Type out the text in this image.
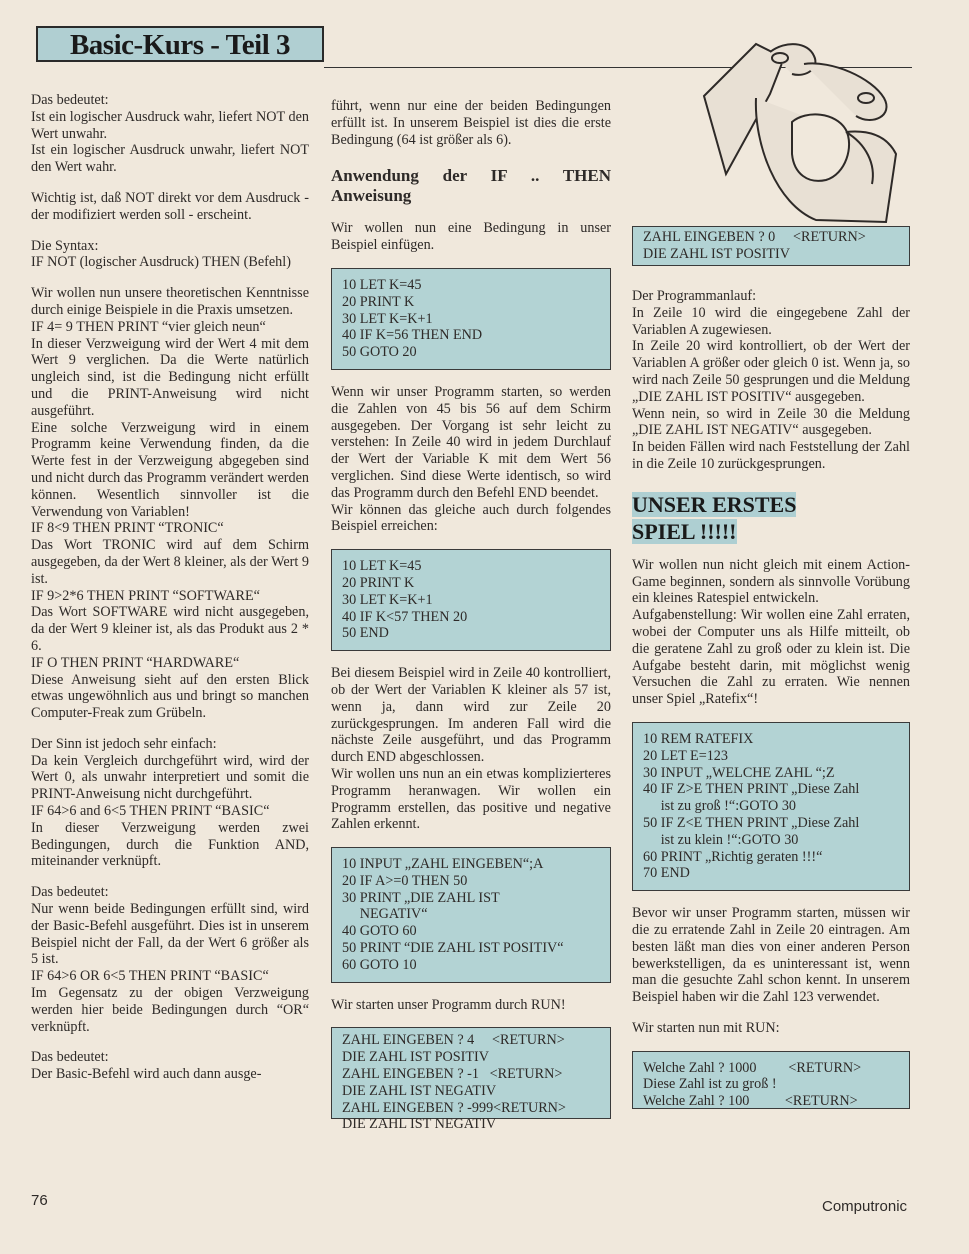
Basic-Kurs - Teil 3

Das bedeutet:
Ist ein logischer Ausdruck wahr, liefert NOT den Wert unwahr.
Ist ein logischer Ausdruck unwahr, liefert NOT den Wert wahr.

Wichtig ist, daß NOT direkt vor dem Ausdruck - der modifiziert werden soll - erscheint.

Die Syntax:
IF NOT (logischer Ausdruck) THEN (Befehl)

Wir wollen nun unsere theoretischen Kenntnisse durch einige Beispiele in die Praxis umsetzen.
IF 4= 9 THEN PRINT “vier gleich neun“
In dieser Verzweigung wird der Wert 4 mit dem Wert 9 verglichen. Da die Werte natürlich ungleich sind, ist die Bedingung nicht erfüllt und die PRINT-Anweisung wird nicht ausgeführt.
Eine solche Verzweigung wird in einem Programm keine Verwendung finden, da die Werte fest in der Verzweigung abgegeben sind und nicht durch das Programm verändert werden können. Wesentlich sinnvoller ist die Verwendung von Variablen!
IF 8<9 THEN PRINT “TRONIC“
Das Wort TRONIC wird auf dem Schirm ausgegeben, da der Wert 8 kleiner, als der Wert 9 ist.
IF 9>2*6 THEN PRINT “SOFTWARE“
Das Wort SOFTWARE wird nicht ausgegeben, da der Wert 9 kleiner ist, als das Produkt aus 2 * 6.
IF O THEN PRINT “HARDWARE“
Diese Anweisung sieht auf den ersten Blick etwas ungewöhnlich aus und bringt so manchen Computer-Freak zum Grübeln.

Der Sinn ist jedoch sehr einfach:
Da kein Vergleich durchgeführt wird, wird der Wert 0, als unwahr interpretiert und somit die PRINT-Anweisung nicht durchgeführt.
IF 64>6 and 6<5 THEN PRINT “BASIC“
In dieser Verzweigung werden zwei Bedingungen, durch die Funktion AND, miteinander verknüpft.

Das bedeutet:
Nur wenn beide Bedingungen erfüllt sind, wird der Basic-Befehl ausgeführt. Dies ist in unserem Beispiel nicht der Fall, da der Wert 6 größer als 5 ist.
IF 64>6 OR 6<5 THEN PRINT “BASIC“
Im Gegensatz zu der obigen Verzweigung werden hier beide Bedingungen durch “OR“ verknüpft.

Das bedeutet:
Der Basic-Befehl wird auch dann ausge-

führt, wenn nur eine der beiden Bedingungen erfüllt ist. In unserem Beispiel ist dies die erste Bedingung (64 ist größer als 6).

Anwendung der IF .. THEN Anweisung

Wir wollen nun eine Bedingung in unser Beispiel einfügen.

10 LET K=45
20 PRINT K
30 LET K=K+1
40 IF K=56 THEN END
50 GOTO 20

Wenn wir unser Programm starten, so werden die Zahlen von 45 bis 56 auf dem Schirm ausgegeben. Der Vorgang ist sehr leicht zu verstehen: In Zeile 40 wird in jedem Durchlauf der Wert der Variable K mit dem Wert 56 verglichen. Sind diese Werte identisch, so wird das Programm durch den Befehl END beendet.
Wir können das gleiche auch durch folgendes Beispiel erreichen:

10 LET K=45
20 PRINT K
30 LET K=K+1
40 IF K<57 THEN 20
50 END

Bei diesem Beispiel wird in Zeile 40 kontrolliert, ob der Wert der Variablen K kleiner als 57 ist, wenn ja, dann wird zur Zeile 20 zurückgesprungen. Im anderen Fall wird die nächste Zeile ausgeführt, und das Programm durch END abgeschlossen.
Wir wollen uns nun an ein etwas komplizierteres Programm heranwagen. Wir wollen ein Programm erstellen, das positive und negative Zahlen erkennt.

10 INPUT „ZAHL EINGEBEN“;A
20 IF A>=0 THEN 50
30 PRINT „DIE ZAHL IST
NEGATIV“
40 GOTO 60
50 PRINT “DIE ZAHL IST POSITIV“
60 GOTO 10

Wir starten unser Programm durch RUN!

ZAHL EINGEBEN ? 4     <RETURN>
DIE ZAHL IST POSITIV
ZAHL EINGEBEN ? -1   <RETURN>
DIE ZAHL IST NEGATIV
ZAHL EINGEBEN ? -999<RETURN>
DIE ZAHL IST NEGATIV
ZAHL EINGEBEN ? 0     <RETURN>
DIE ZAHL IST POSITIV

Der Programmanlauf:
In Zeile 10 wird die eingegebene Zahl der Variablen A zugewiesen.
In Zeile 20 wird kontrolliert, ob der Wert der Variablen A größer oder gleich 0 ist. Wenn ja, so wird nach Zeile 50 gesprungen und die Meldung „DIE ZAHL IST POSITIV“ ausgegeben.
Wenn nein, so wird in Zeile 30 die Meldung „DIE ZAHL IST NEGATIV“ ausgegeben.
In beiden Fällen wird nach Feststellung der Zahl in die Zeile 10 zurückgesprungen.

UNSER ERSTES
SPIEL !!!!!

Wir wollen nun nicht gleich mit einem Action-Game beginnen, sondern als sinnvolle Vorübung ein kleines Ratespiel entwickeln.
Aufgabenstellung: Wir wollen eine Zahl erraten, wobei der Computer uns als Hilfe mitteilt, ob die geratene Zahl zu groß oder zu klein ist. Die Aufgabe besteht darin, mit möglichst wenig Versuchen die Zahl zu erraten. Wie nennen unser Spiel „Ratefix“!

10 REM RATEFIX
20 LET E=123
30 INPUT „WELCHE ZAHL “;Z
40 IF Z>E THEN PRINT „Diese Zahl
ist zu groß !“:GOTO 30
50 IF Z<E THEN PRINT „Diese Zahl
ist zu klein !“:GOTO 30
60 PRINT „Richtig geraten !!!“
70 END

Bevor wir unser Programm starten, müssen wir die zu erratende Zahl in Zeile 20 eintragen. Am besten läßt man dies von einer anderen Person bewerkstelligen, da es uninteressant ist, wenn man die gesuchte Zahl schon kennt. In unserem Beispiel haben wir die Zahl 123 verwendet.

Wir starten nun mit RUN:

Welche Zahl ? 1000         <RETURN>
Diese Zahl ist zu groß !
Welche Zahl ? 100          <RETURN>
76	Computronic
